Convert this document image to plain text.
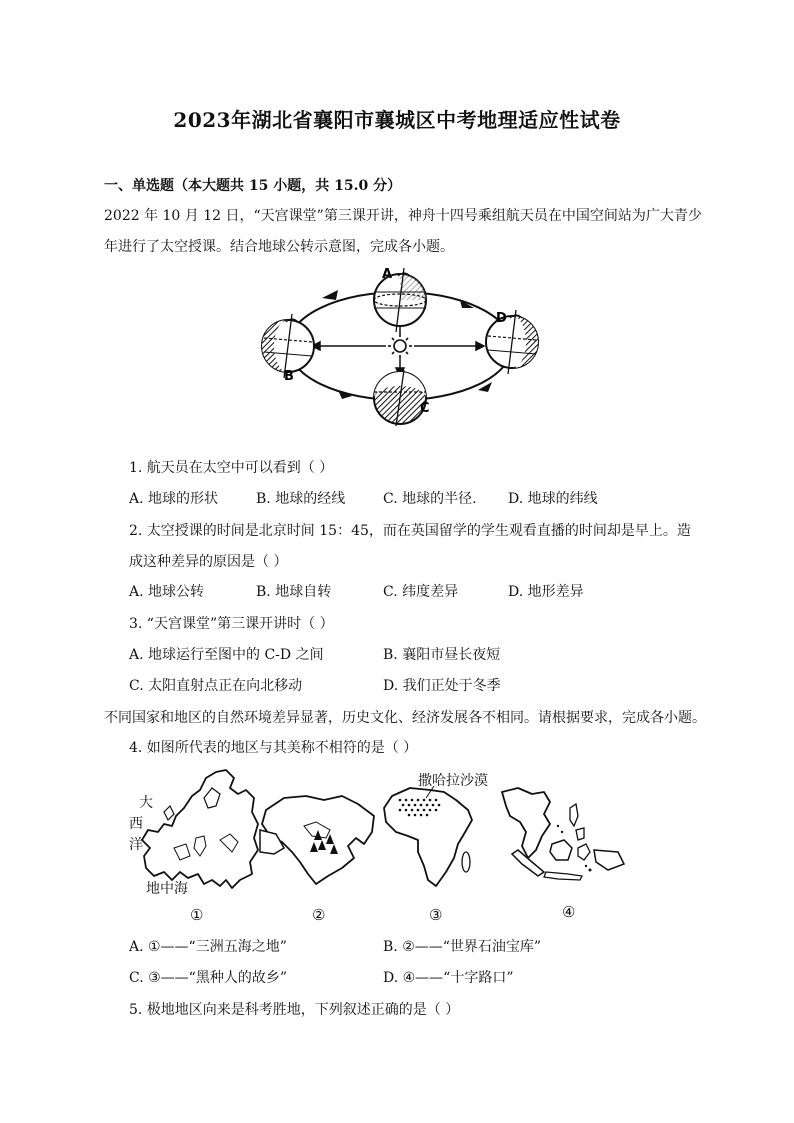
2023年湖北省襄阳市襄城区中考地理适应性试卷
一、单选题（本大题共 15 小题，共 15.0 分）
2022 年 10 月 12 日，“天宫课堂”第三课开讲，神舟十四号乘组航天员在中国空间站为广大青少
年进行了太空授课。结合地球公转示意图，完成各小题。
A
B
C
D
1. 航天员在太空中可以看到（ ）
A. 地球的形状	B. 地球的经线	C. 地球的半径. D. 地球的纬线
2. 太空授课的时间是北京时间 15：45，而在英国留学的学生观看直播的时间却是早上。造
成这种差异的原因是（ ）
A. 地球公转	B. 地球自转	C. 纬度差异	D. 地形差异
3. “天宫课堂”第三课开讲时（ ）
A. 地球运行至图中的 C-D 之间	B. 襄阳市昼长夜短
C. 太阳直射点正在向北移动	D. 我们正处于冬季
不同国家和地区的自然环境差异显著，历史文化、经济发展各不相同。请根据要求，完成各小题。
4. 如图所代表的地区与其美称不相符的是（ ）
大
西
洋
地中海
①	②
撒哈拉沙漠
③	④
A. ①——“三洲五海之地”	B. ②——“世界石油宝库”
C. ③——“黑种人的故乡”	D. ④——“十字路口”
5. 极地地区向来是科考胜地，下列叙述正确的是（ ）
